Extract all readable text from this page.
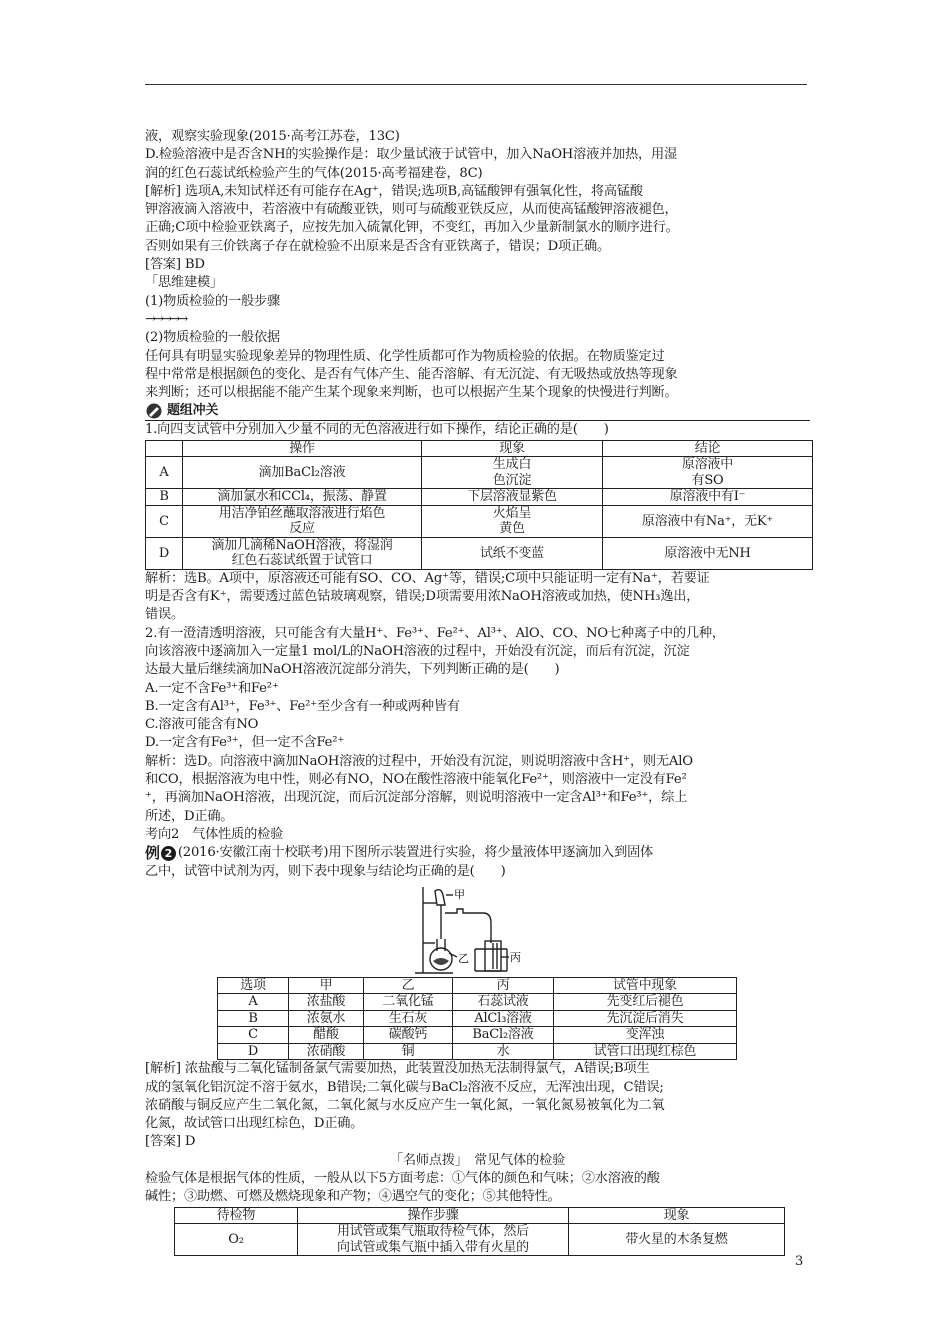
液，观察实验现象(2015·高考江苏卷，13C)

D.检验溶液中是否含NH的实验操作是：取少量试液于试管中，加入NaOH溶液并加热，用湿

润的红色石蕊试纸检验产生的气体(2015·高考福建卷，8C)

[解析] 选项A,未知试样还有可能存在Ag⁺，错误;选项B,高锰酸钾有强氧化性，将高锰酸

钾溶液滴入溶液中，若溶液中有硫酸亚铁，则可与硫酸亚铁反应，从而使高锰酸钾溶液褪色，

正确;C项中检验亚铁离子，应按先加入硫氰化钾，不变红，再加入少量新制氯水的顺序进行。

否则如果有三价铁离子存在就检验不出原来是否含有亚铁离子，错误；D项正确。

[答案] BD

「思维建模」

(1)物质检验的一般步骤

→→→→→

(2)物质检验的一般依据

任何具有明显实验现象差异的物理性质、化学性质都可作为物质检验的依据。在物质鉴定过

程中常常是根据颜色的变化、是否有气体产生、能否溶解、有无沉淀、有无吸热或放热等现象

来判断；还可以根据能不能产生某个现象来判断，也可以根据产生某个现象的快慢进行判断。

题组冲关

1.向四支试管中分别加入少量不同的无色溶液进行如下操作，结论正确的是(　　)

	操作	现象	结论
A	滴加BaCl₂溶液	生成白
色沉淀	原溶液中
有SO
B	滴加氯水和CCl₄，振荡、静置	下层溶液显紫色	原溶液中有I⁻
C	用洁净铂丝蘸取溶液进行焰色
反应	火焰呈
黄色	原溶液中有Na⁺，无K⁺
D	滴加几滴稀NaOH溶液，将湿润
红色石蕊试纸置于试管口	试纸不变蓝	原溶液中无NH

解析：选B。A项中，原溶液还可能有SO、CO、Ag⁺等，错误;C项中只能证明一定有Na⁺，若要证

明是否含有K⁺，需要透过蓝色钴玻璃观察，错误;D项需要用浓NaOH溶液或加热，使NH₃逸出，

错误。

2.有一澄清透明溶液，只可能含有大量H⁺、Fe³⁺、Fe²⁺、Al³⁺、AlO、CO、NO七种离子中的几种，

向该溶液中逐滴加入一定量1 mol/L的NaOH溶液的过程中，开始没有沉淀，而后有沉淀，沉淀

达最大量后继续滴加NaOH溶液沉淀部分消失，下列判断正确的是(　　)

A.一定不含Fe³⁺和Fe²⁺

B.一定含有Al³⁺，Fe³⁺、Fe²⁺至少含有一种或两种皆有

C.溶液可能含有NO

D.一定含有Fe³⁺，但一定不含Fe²⁺

解析：选D。向溶液中滴加NaOH溶液的过程中，开始没有沉淀，则说明溶液中含H⁺，则无AlO

和CO，根据溶液为电中性，则必有NO，NO在酸性溶液中能氧化Fe²⁺，则溶液中一定没有Fe²

⁺，再滴加NaOH溶液，出现沉淀，而后沉淀部分溶解，则说明溶液中一定含Al³⁺和Fe³⁺，综上

所述，D正确。

考向2　气体性质的检验

例 2 (2016·安徽江南十校联考)用下图所示装置进行实验，将少量液体甲逐滴加入到固体

乙中，试管中试剂为丙，则下表中现象与结论均正确的是(　　)

甲
乙	丙
选项	甲	乙	丙	试管中现象
A	浓盐酸	二氧化锰	石蕊试液	先变红后褪色
B	浓氨水	生石灰	AlCl₃溶液	先沉淀后消失
C	醋酸	碳酸钙	BaCl₂溶液	变浑浊
D	浓硝酸	铜	水	试管口出现红棕色

[解析] 浓盐酸与二氧化锰制备氯气需要加热，此装置没加热无法制得氯气，A错误;B项生

成的氢氧化铝沉淀不溶于氨水，B错误;二氧化碳与BaCl₂溶液不反应，无浑浊出现，C错误;

浓硝酸与铜反应产生二氧化氮，二氧化氮与水反应产生一氧化氮，一氧化氮易被氧化为二氧

化氮，故试管口出现红棕色，D正确。

[答案] D

「名师点拨」　常见气体的检验

检验气体是根据气体的性质，一般从以下5方面考虑：①气体的颜色和气味；②水溶液的酸

碱性；③助燃、可燃及燃烧现象和产物；④遇空气的变化；⑤其他特性。

待检物	操作步骤	现象
O₂	用试管或集气瓶取待检气体，然后
向试管或集气瓶中插入带有火星的	带火星的木条复燃
3
